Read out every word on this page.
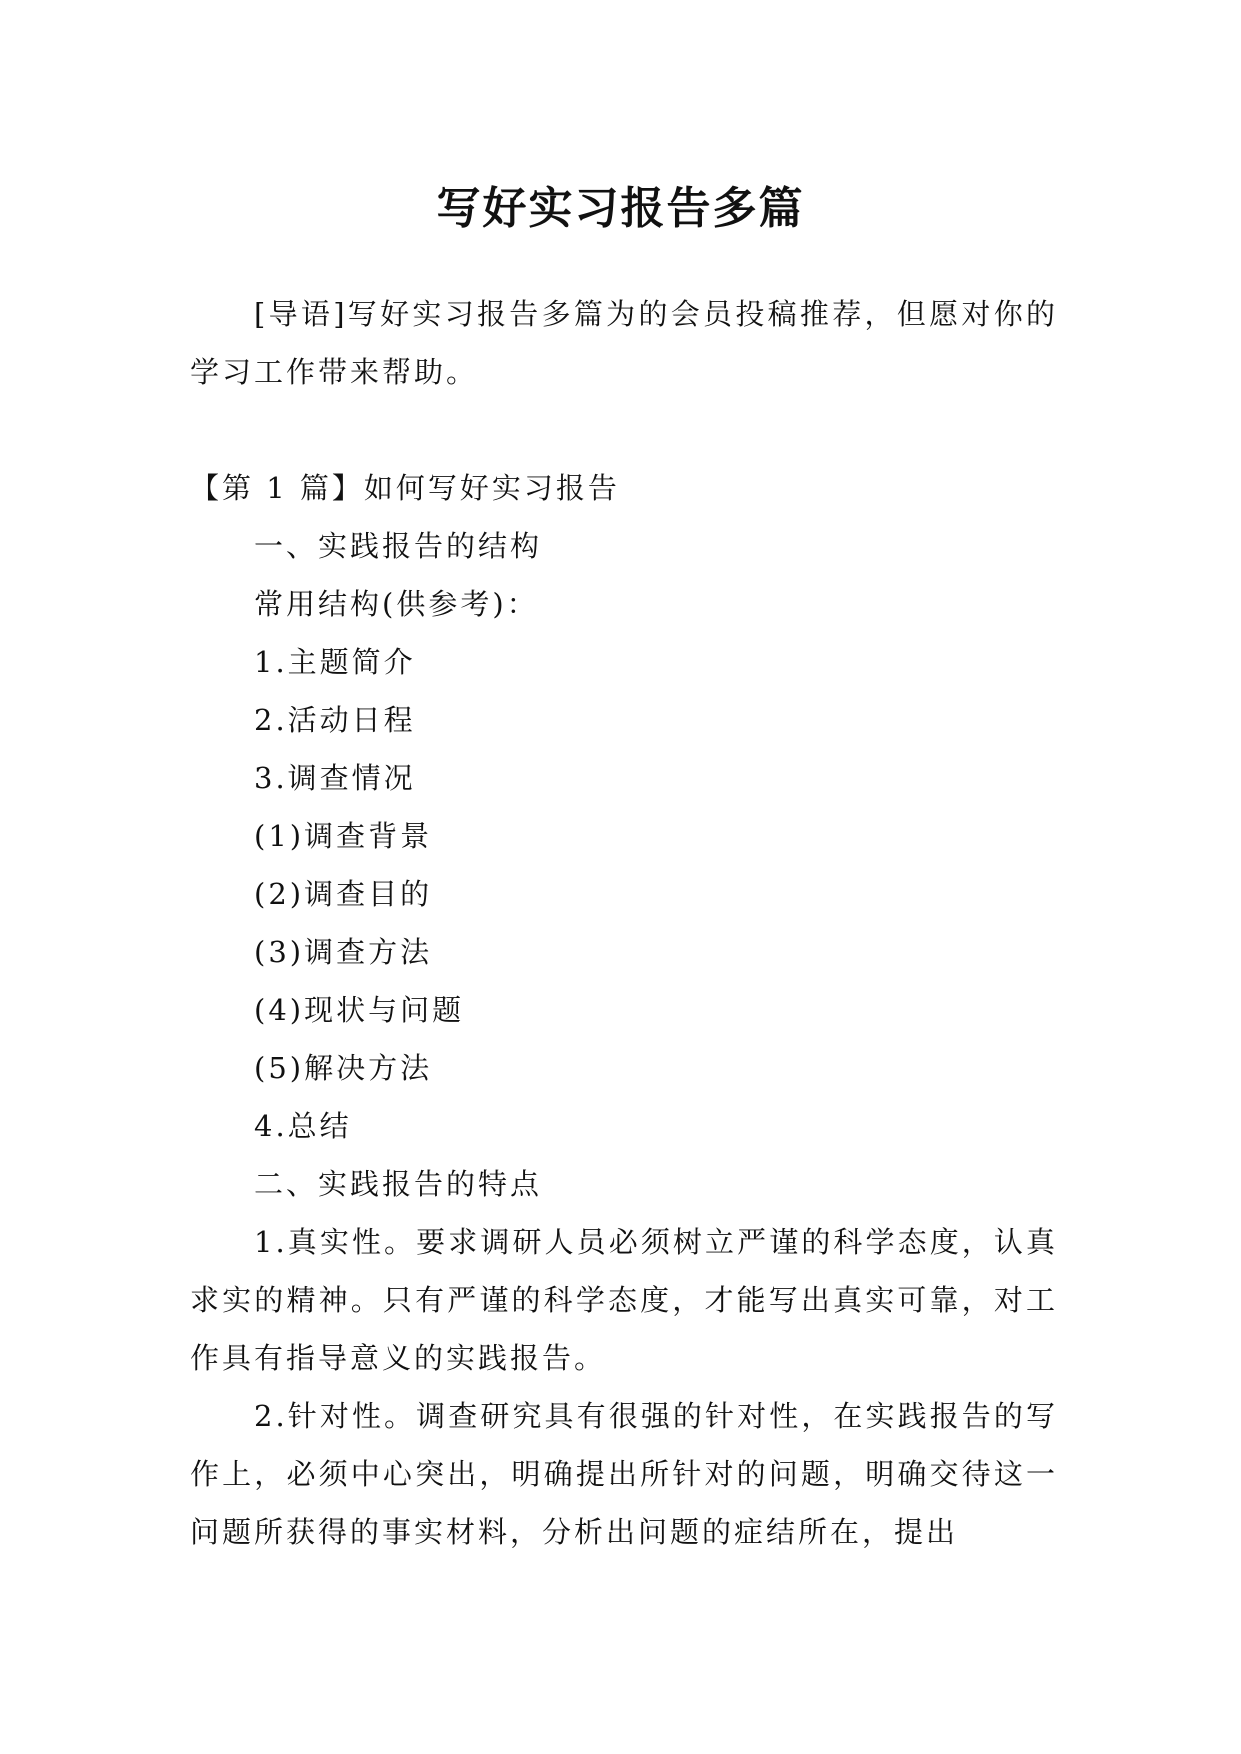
写好实习报告多篇

[导语]写好实习报告多篇为的会员投稿推荐，但愿对你的学习工作带来帮助。

【第 1 篇】如何写好实习报告

一、实践报告的结构

常用结构(供参考)：

1.主题简介

2.活动日程

3.调查情况

(1)调查背景

(2)调查目的

(3)调查方法

(4)现状与问题

(5)解决方法

4.总结

二、实践报告的特点

1.真实性。要求调研人员必须树立严谨的科学态度，认真求实的精神。只有严谨的科学态度，才能写出真实可靠，对工作具有指导意义的实践报告。

2.针对性。调查研究具有很强的针对性，在实践报告的写作上，必须中心突出，明确提出所针对的问题，明确交待这一问题所获得的事实材料，分析出问题的症结所在，提出
